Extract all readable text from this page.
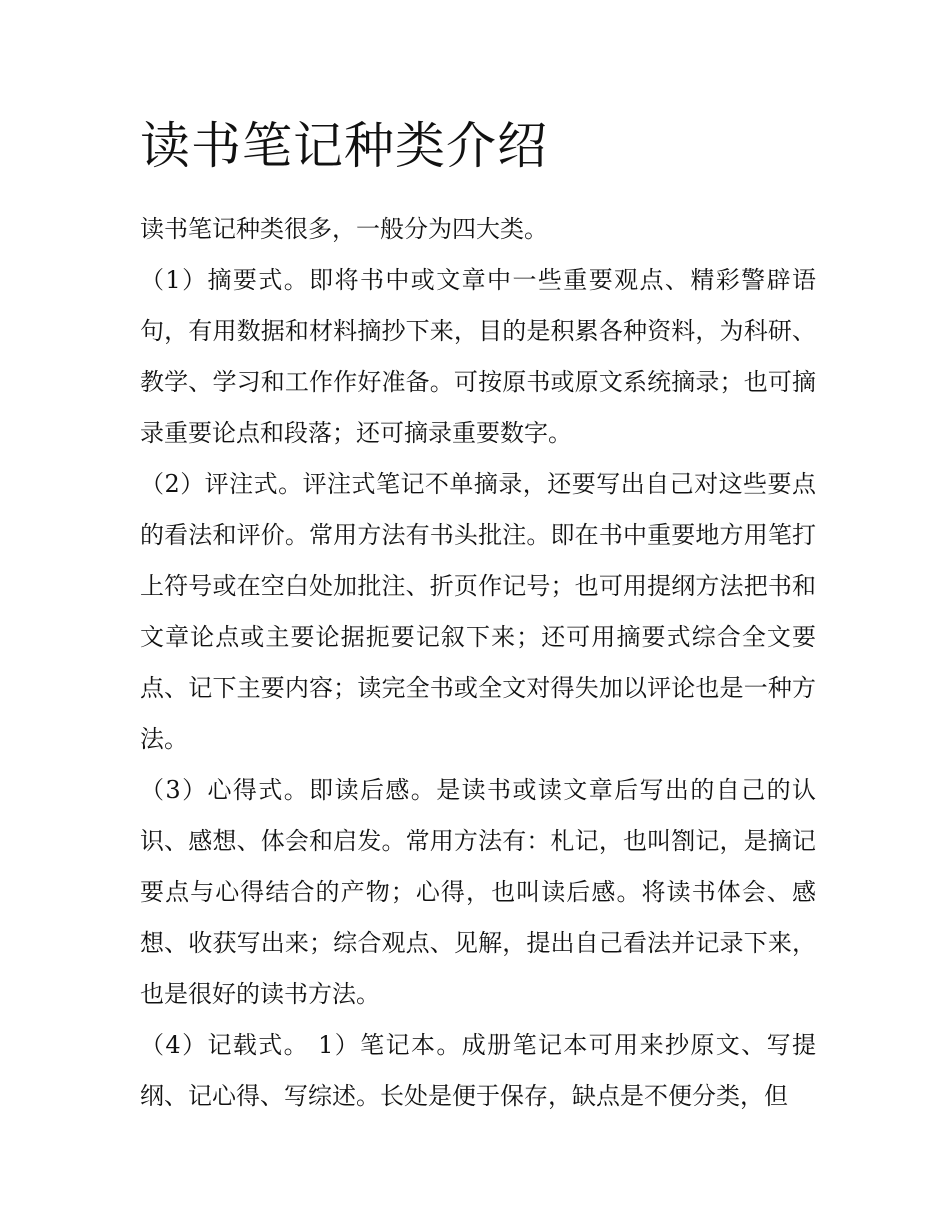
读书笔记种类介绍

读书笔记种类很多，一般分为四大类。

（1）摘要式。即将书中或文章中一些重要观点、精彩警辟语句，有用数据和材料摘抄下来，目的是积累各种资料，为科研、教学、学习和工作作好准备。可按原书或原文系统摘录；也可摘录重要论点和段落；还可摘录重要数字。

（2）评注式。评注式笔记不单摘录，还要写出自己对这些要点的看法和评价。常用方法有书头批注。即在书中重要地方用笔打上符号或在空白处加批注、折页作记号；也可用提纲方法把书和文章论点或主要论据扼要记叙下来；还可用摘要式综合全文要点、记下主要内容；读完全书或全文对得失加以评论也是一种方法。

（3）心得式。即读后感。是读书或读文章后写出的自己的认识、感想、体会和启发。常用方法有：札记，也叫劄记，是摘记要点与心得结合的产物；心得，也叫读后感。将读书体会、感想、收获写出来；综合观点、见解，提出自己看法并记录下来，也是很好的读书方法。

（4）记载式。 1）笔记本。成册笔记本可用来抄原文、写提纲、记心得、写综述。长处是便于保存，缺点是不便分类，但
